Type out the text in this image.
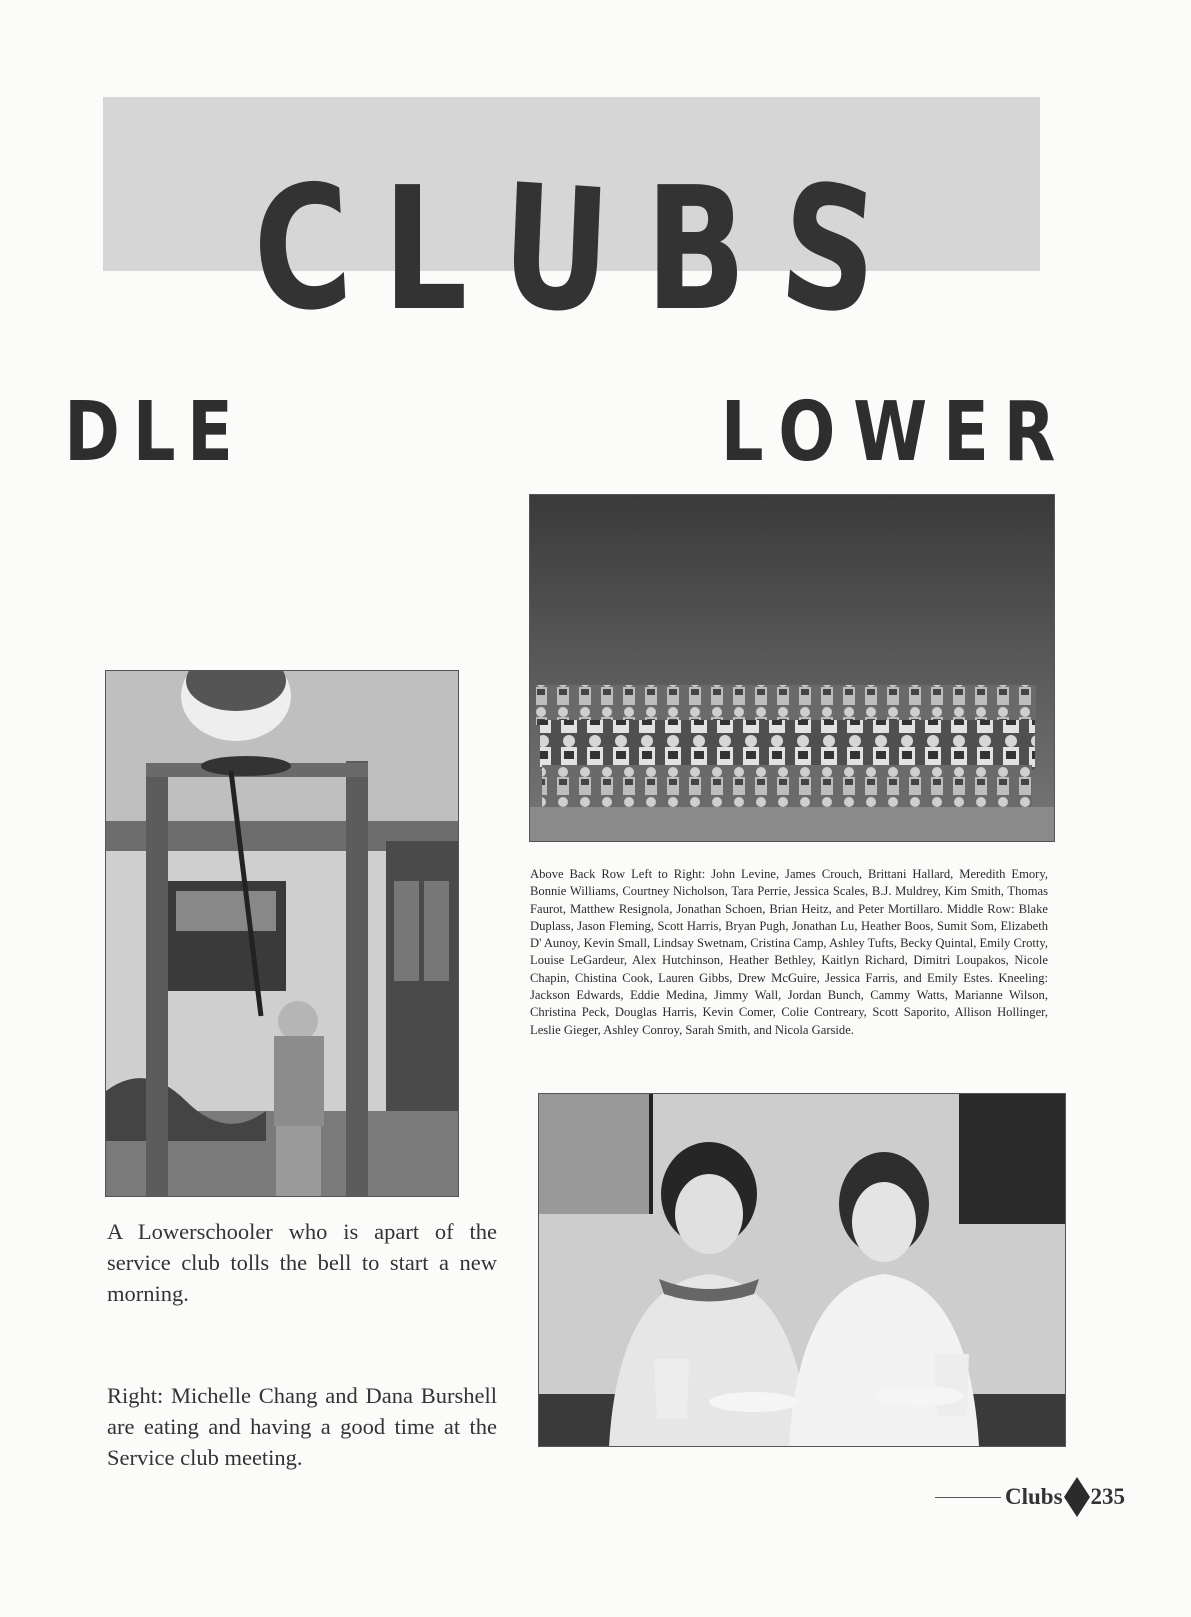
C L U B S
D L E	L O W E R
Above Back Row Left to Right: John Levine, James Crouch, Brittani Hallard, Meredith Emory, Bonnie Williams, Courtney Nicholson, Tara Perrie, Jessica Scales, B.J. Muldrey, Kim Smith, Thomas Faurot, Matthew Resignola, Jonathan Schoen, Brian Heitz, and Peter Mortillaro. Middle Row: Blake Duplass, Jason Fleming, Scott Harris, Bryan Pugh, Jonathan Lu, Heather Boos, Sumit Som, Elizabeth D' Aunoy, Kevin Small, Lindsay Swetnam, Cristina Camp, Ashley Tufts, Becky Quintal, Emily Crotty, Louise LeGardeur, Alex Hutchinson, Heather Bethley, Kaitlyn Richard, Dimitri Loupakos, Nicole Chapin, Chistina Cook, Lauren Gibbs, Drew McGuire, Jessica Farris, and Emily Estes. Kneeling: Jackson Edwards, Eddie Medina, Jimmy Wall, Jordan Bunch, Cammy Watts, Marianne Wilson, Christina Peck, Douglas Harris, Kevin Comer, Colie Contreary, Scott Saporito, Allison Hollinger, Leslie Gieger, Ashley Conroy, Sarah Smith, and Nicola Garside.
A Lowerschooler who is apart of the service club tolls the bell to start a new morning.
Right: Michelle Chang and Dana Burshell are eating and having a good time at the Service club meeting.
Clubs 235
